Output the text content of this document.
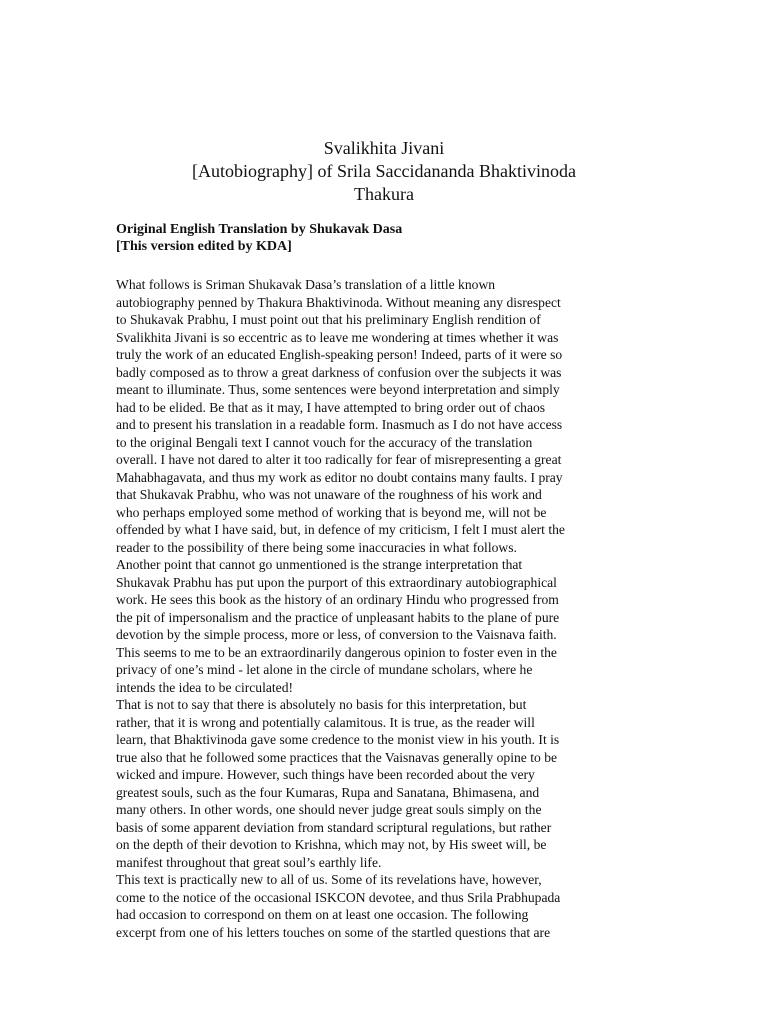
Svalikhita Jivani
[Autobiography] of Srila Saccidananda Bhaktivinoda
Thakura
Original English Translation by Shukavak Dasa
[This version edited by KDA]
What follows is Sriman Shukavak Dasa’s translation of a little known
autobiography penned by Thakura Bhaktivinoda. Without meaning any disrespect
to Shukavak Prabhu, I must point out that his preliminary English rendition of
Svalikhita Jivani is so eccentric as to leave me wondering at times whether it was
truly the work of an educated English-speaking person! Indeed, parts of it were so
badly composed as to throw a great darkness of confusion over the subjects it was
meant to illuminate. Thus, some sentences were beyond interpretation and simply
had to be elided. Be that as it may, I have attempted to bring order out of chaos
and to present his translation in a readable form. Inasmuch as I do not have access
to the original Bengali text I cannot vouch for the accuracy of the translation
overall. I have not dared to alter it too radically for fear of misrepresenting a great
Mahabhagavata, and thus my work as editor no doubt contains many faults. I pray
that Shukavak Prabhu, who was not unaware of the roughness of his work and
who perhaps employed some method of working that is beyond me, will not be
offended by what I have said, but, in defence of my criticism, I felt I must alert the
reader to the possibility of there being some inaccuracies in what follows.
Another point that cannot go unmentioned is the strange interpretation that
Shukavak Prabhu has put upon the purport of this extraordinary autobiographical
work. He sees this book as the history of an ordinary Hindu who progressed from
the pit of impersonalism and the practice of unpleasant habits to the plane of pure
devotion by the simple process, more or less, of conversion to the Vaisnava faith.
This seems to me to be an extraordinarily dangerous opinion to foster even in the
privacy of one’s mind - let alone in the circle of mundane scholars, where he
intends the idea to be circulated!
That is not to say that there is absolutely no basis for this interpretation, but
rather, that it is wrong and potentially calamitous. It is true, as the reader will
learn, that Bhaktivinoda gave some credence to the monist view in his youth. It is
true also that he followed some practices that the Vaisnavas generally opine to be
wicked and impure. However, such things have been recorded about the very
greatest souls, such as the four Kumaras, Rupa and Sanatana, Bhimasena, and
many others. In other words, one should never judge great souls simply on the
basis of some apparent deviation from standard scriptural regulations, but rather
on the depth of their devotion to Krishna, which may not, by His sweet will, be
manifest throughout that great soul’s earthly life.
This text is practically new to all of us. Some of its revelations have, however,
come to the notice of the occasional ISKCON devotee, and thus Srila Prabhupada
had occasion to correspond on them on at least one occasion. The following
excerpt from one of his letters touches on some of the startled questions that are
